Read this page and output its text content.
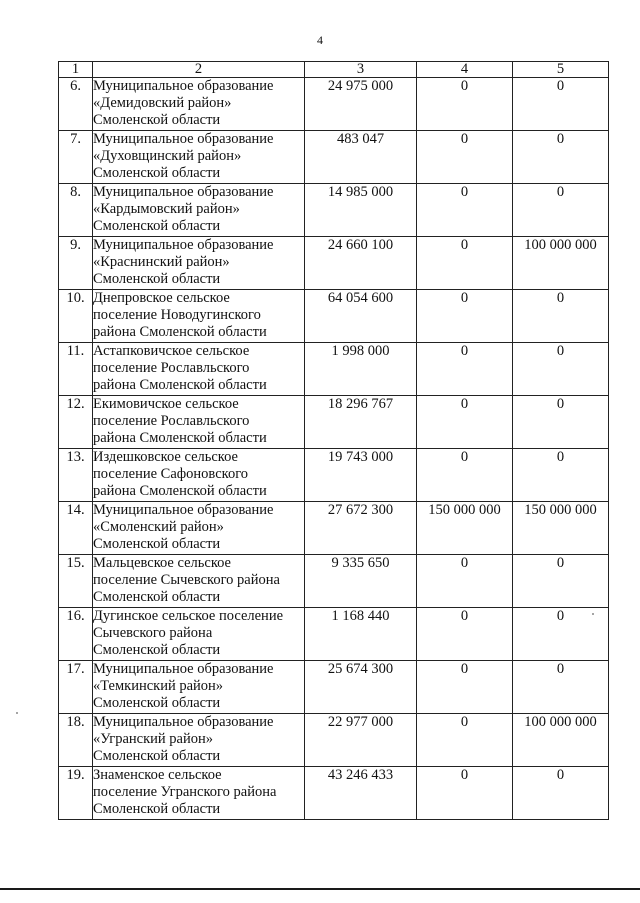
4
1	2	3	4	5
6.	Муниципальное образование
«Демидовский район»
Смоленской области	24 975 000	0	0
7.	Муниципальное образование
«Духовщинский район»
Смоленской области	483 047	0	0
8.	Муниципальное образование
«Кардымовский район»
Смоленской области	14 985 000	0	0
9.	Муниципальное образование
«Краснинский район»
Смоленской области	24 660 100	0	100 000 000
10.	Днепровское сельское
поселение Новодугинского
района Смоленской области	64 054 600	0	0
11.	Астапковичское сельское
поселение Рославльского
района Смоленской области	1 998 000	0	0
12.	Екимовичское сельское
поселение Рославльского
района Смоленской области	18 296 767	0	0
13.	Издешковское сельское
поселение Сафоновского
района Смоленской области	19 743 000	0	0
14.	Муниципальное образование
«Смоленский район»
Смоленской области	27 672 300	150 000 000	150 000 000
15.	Мальцевское сельское
поселение Сычевского района
Смоленской области	9 335 650	0	0
16.	Дугинское сельское поселение
Сычевского района
Смоленской области	1 168 440	0	0
17.	Муниципальное образование
«Темкинский район»
Смоленской области	25 674 300	0	0
18.	Муниципальное образование
«Угранский район»
Смоленской области	22 977 000	0	100 000 000
19.	Знаменское сельское
поселение Угранского района
Смоленской области	43 246 433	0	0
